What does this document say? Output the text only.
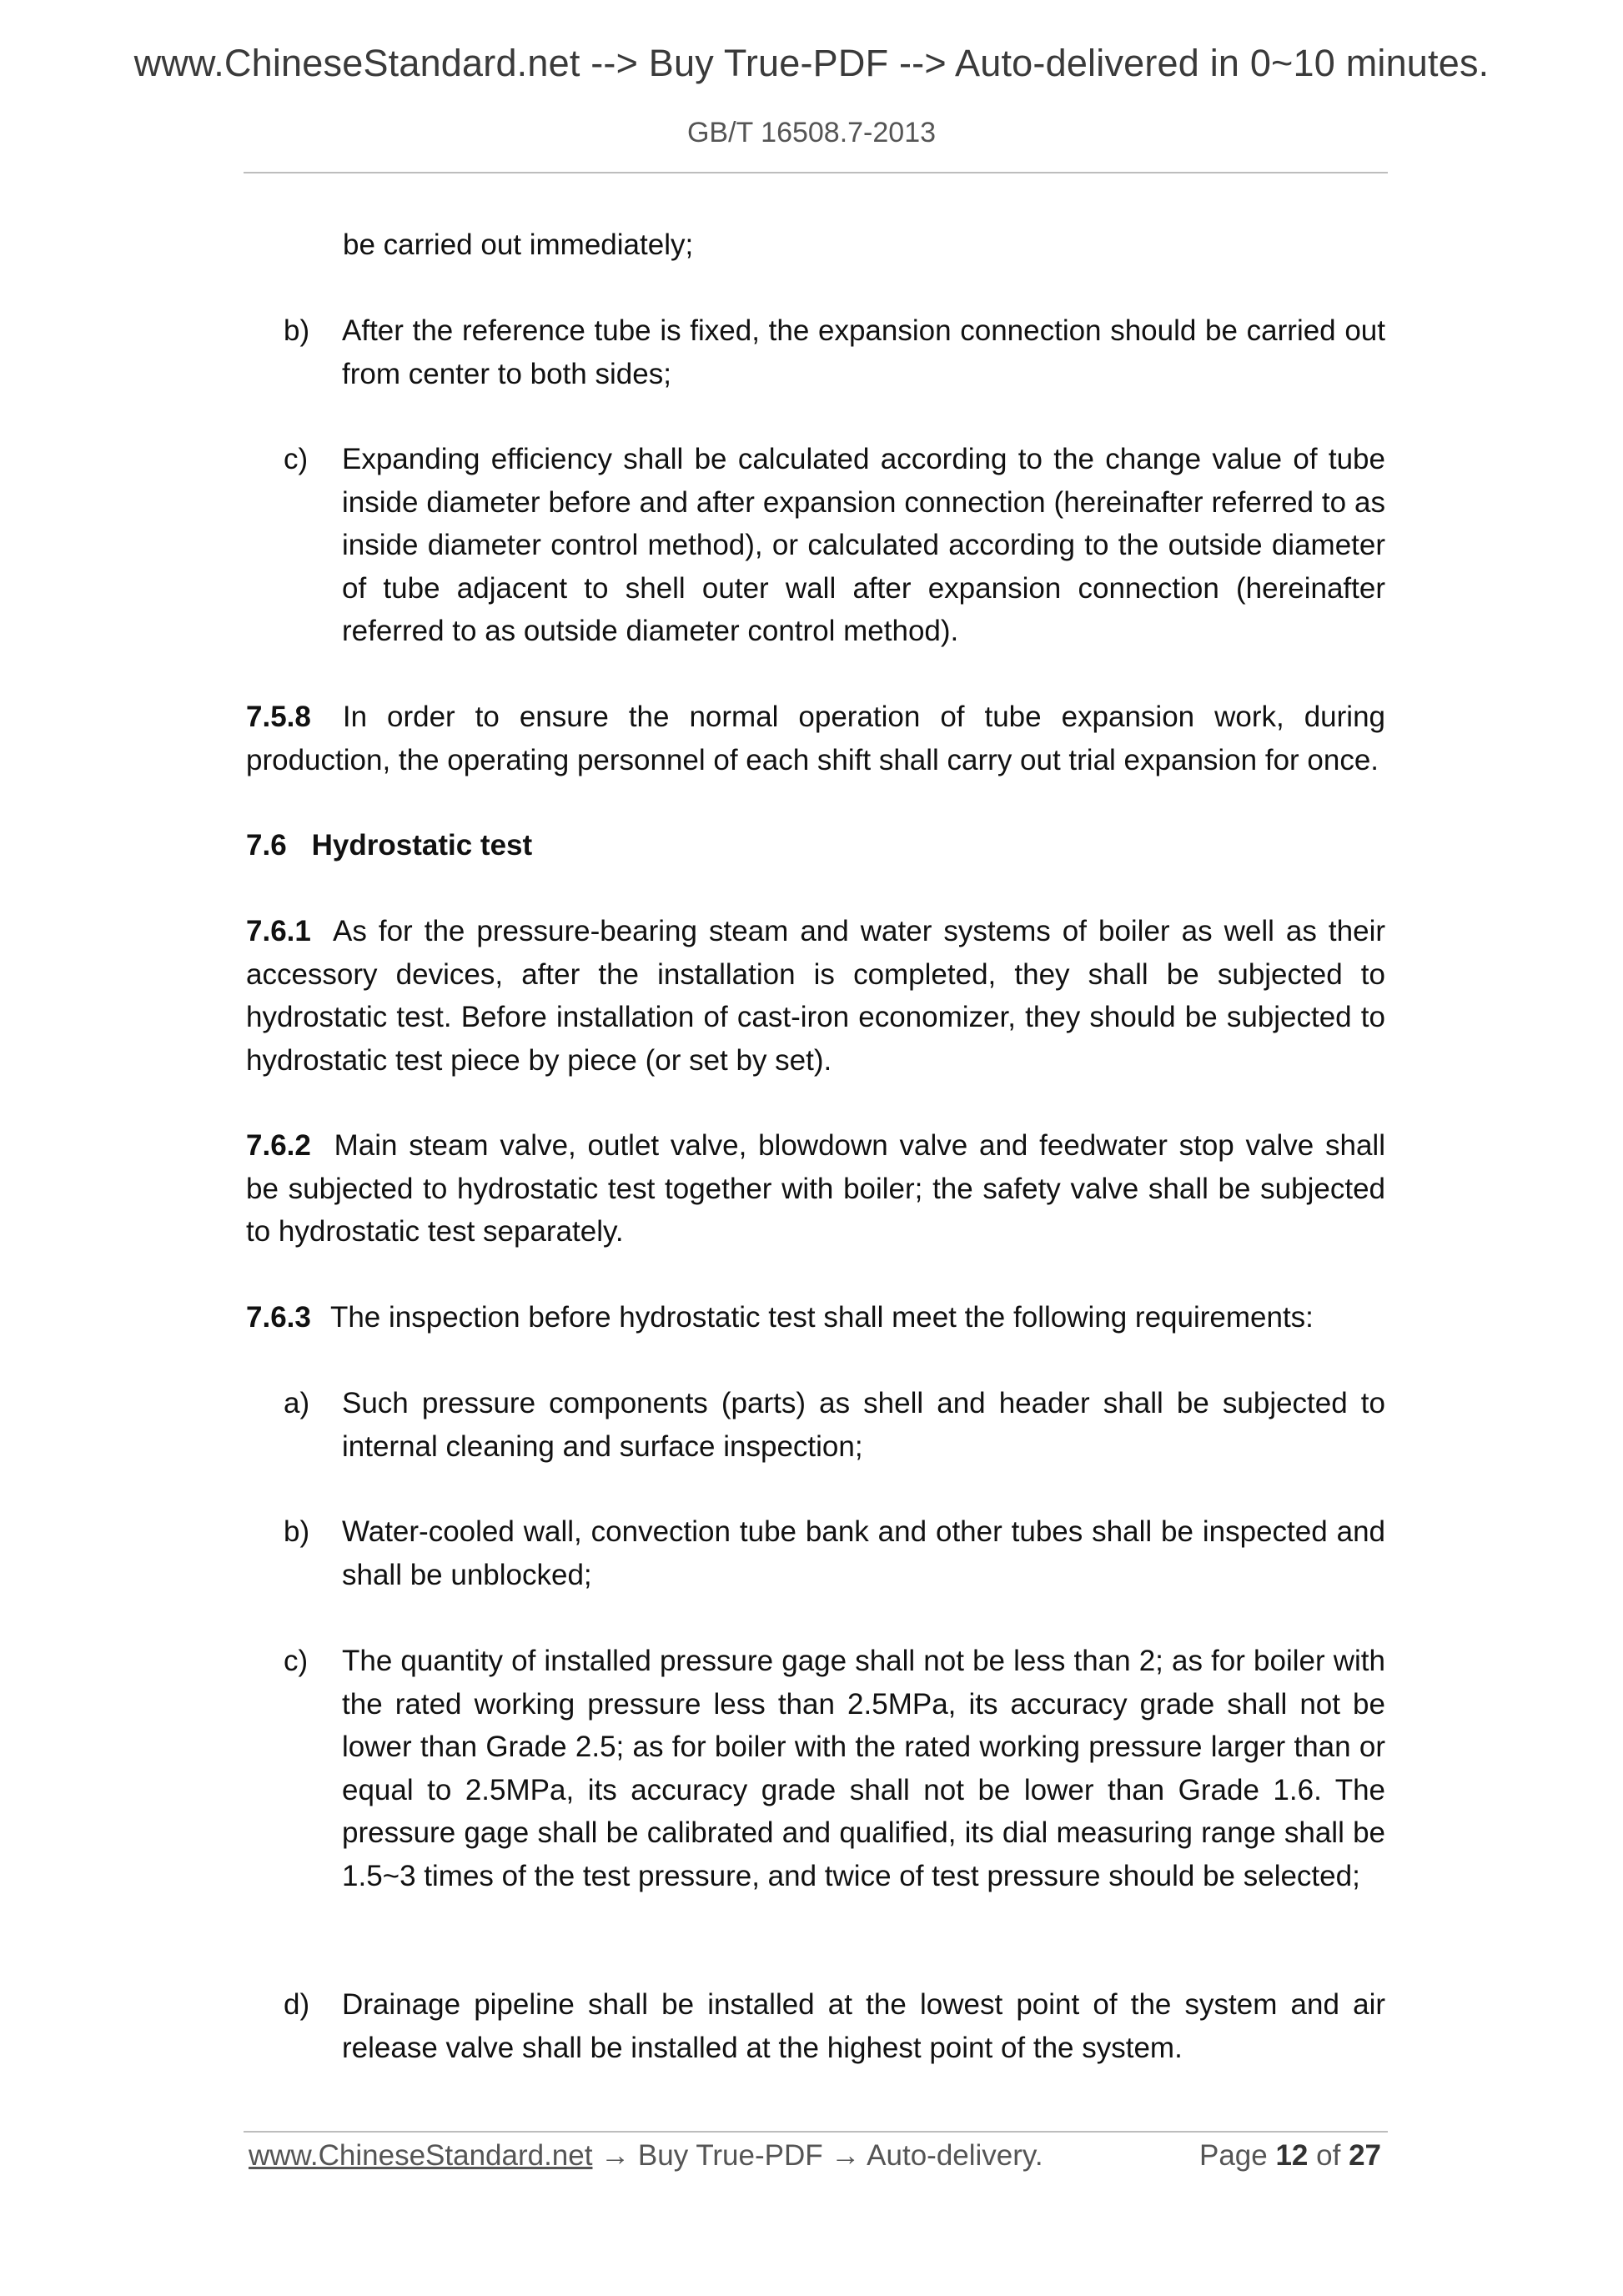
www.ChineseStandard.net --> Buy True-PDF --> Auto-delivered in 0~10 minutes.
GB/T 16508.7-2013
be carried out immediately;
b) After the reference tube is fixed, the expansion connection should be carried out from center to both sides;
c) Expanding efficiency shall be calculated according to the change value of tube inside diameter before and after expansion connection (hereinafter referred to as inside diameter control method), or calculated according to the outside diameter of tube adjacent to shell outer wall after expansion connection (hereinafter referred to as outside diameter control method).
7.5.8 In order to ensure the normal operation of tube expansion work, during production, the operating personnel of each shift shall carry out trial expansion for once.
7.6 Hydrostatic test
7.6.1 As for the pressure-bearing steam and water systems of boiler as well as their accessory devices, after the installation is completed, they shall be subjected to hydrostatic test. Before installation of cast-iron economizer, they should be subjected to hydrostatic test piece by piece (or set by set).
7.6.2 Main steam valve, outlet valve, blowdown valve and feedwater stop valve shall be subjected to hydrostatic test together with boiler; the safety valve shall be subjected to hydrostatic test separately.
7.6.3 The inspection before hydrostatic test shall meet the following requirements:
a) Such pressure components (parts) as shell and header shall be subjected to internal cleaning and surface inspection;
b) Water-cooled wall, convection tube bank and other tubes shall be inspected and shall be unblocked;
c) The quantity of installed pressure gage shall not be less than 2; as for boiler with the rated working pressure less than 2.5MPa, its accuracy grade shall not be lower than Grade 2.5; as for boiler with the rated working pressure larger than or equal to 2.5MPa, its accuracy grade shall not be lower than Grade 1.6. The pressure gage shall be calibrated and qualified, its dial measuring range shall be 1.5~3 times of the test pressure, and twice of test pressure should be selected;
d) Drainage pipeline shall be installed at the lowest point of the system and air release valve shall be installed at the highest point of the system.
www.ChineseStandard.net → Buy True-PDF → Auto-delivery.	Page 12 of 27
